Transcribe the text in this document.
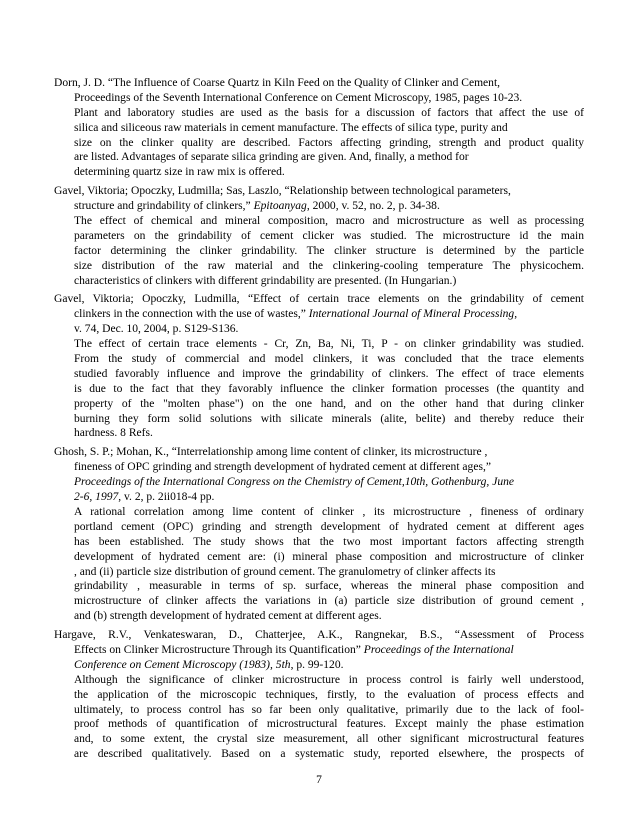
Dorn, J. D. “The Influence of Coarse Quartz in Kiln Feed on the Quality of Clinker and Cement,
Proceedings of the Seventh International Conference on Cement Microscopy, 1985, pages 10-23.
Plant and laboratory studies are used as the basis for a discussion of factors that affect the use of
silica and siliceous raw materials in cement manufacture. The effects of silica type, purity and
size on the clinker quality are described. Factors affecting grinding, strength and product quality
are listed. Advantages of separate silica grinding are given. And, finally, a method for
determining quartz size in raw mix is offered.
Gavel, Viktoria; Opoczky, Ludmilla; Sas, Laszlo, “Relationship between technological parameters,
structure and grindability of clinkers,” Epitoanyag, 2000, v. 52, no. 2, p. 34-38.
The effect of chemical and mineral composition, macro and microstructure as well as processing
parameters on the grindability of cement clicker was studied. The microstructure id the main
factor determining the clinker grindability. The clinker structure is determined by the particle
size distribution of the raw material and the clinkering-cooling temperature The physicochem.
characteristics of clinkers with different grindability are presented. (In Hungarian.)
Gavel, Viktoria; Opoczky, Ludmilla, “Effect of certain trace elements on the grindability of cement
clinkers in the connection with the use of wastes,” International Journal of Mineral Processing,
v. 74, Dec. 10, 2004, p. S129-S136.
The effect of certain trace elements - Cr, Zn, Ba, Ni, Ti, P - on clinker grindability was studied.
From the study of commercial and model clinkers, it was concluded that the trace elements
studied favorably influence and improve the grindability of clinkers. The effect of trace elements
is due to the fact that they favorably influence the clinker formation processes (the quantity and
property of the "molten phase") on the one hand, and on the other hand that during clinker
burning they form solid solutions with silicate minerals (alite, belite) and thereby reduce their
hardness. 8 Refs.
Ghosh, S. P.; Mohan, K., “Interrelationship among lime content of clinker, its microstructure ,
fineness of OPC grinding and strength development of hydrated cement at different ages,”
Proceedings of the International Congress on the Chemistry of Cement,10th, Gothenburg, June
2-6, 1997, v. 2, p. 2ii018-4 pp.
A rational correlation among lime content of clinker , its microstructure , fineness of ordinary
portland cement (OPC) grinding and strength development of hydrated cement at different ages
has been established. The study shows that the two most important factors affecting strength
development of hydrated cement are: (i) mineral phase composition and microstructure of clinker
, and (ii) particle size distribution of ground cement. The granulometry of clinker affects its
grindability , measurable in terms of sp. surface, whereas the mineral phase composition and
microstructure of clinker affects the variations in (a) particle size distribution of ground cement ,
and (b) strength development of hydrated cement at different ages.
Hargave, R.V., Venkateswaran, D., Chatterjee, A.K., Rangnekar, B.S., “Assessment of Process
Effects on Clinker Microstructure Through its Quantification” Proceedings of the International
Conference on Cement Microscopy (1983), 5th, p. 99-120.
Although the significance of clinker microstructure in process control is fairly well understood,
the application of the microscopic techniques, firstly, to the evaluation of process effects and
ultimately, to process control has so far been only qualitative, primarily due to the lack of fool-
proof methods of quantification of microstructural features. Except mainly the phase estimation
and, to some extent, the crystal size measurement, all other significant microstructural features
are described qualitatively. Based on a systematic study, reported elsewhere, the prospects of
7
